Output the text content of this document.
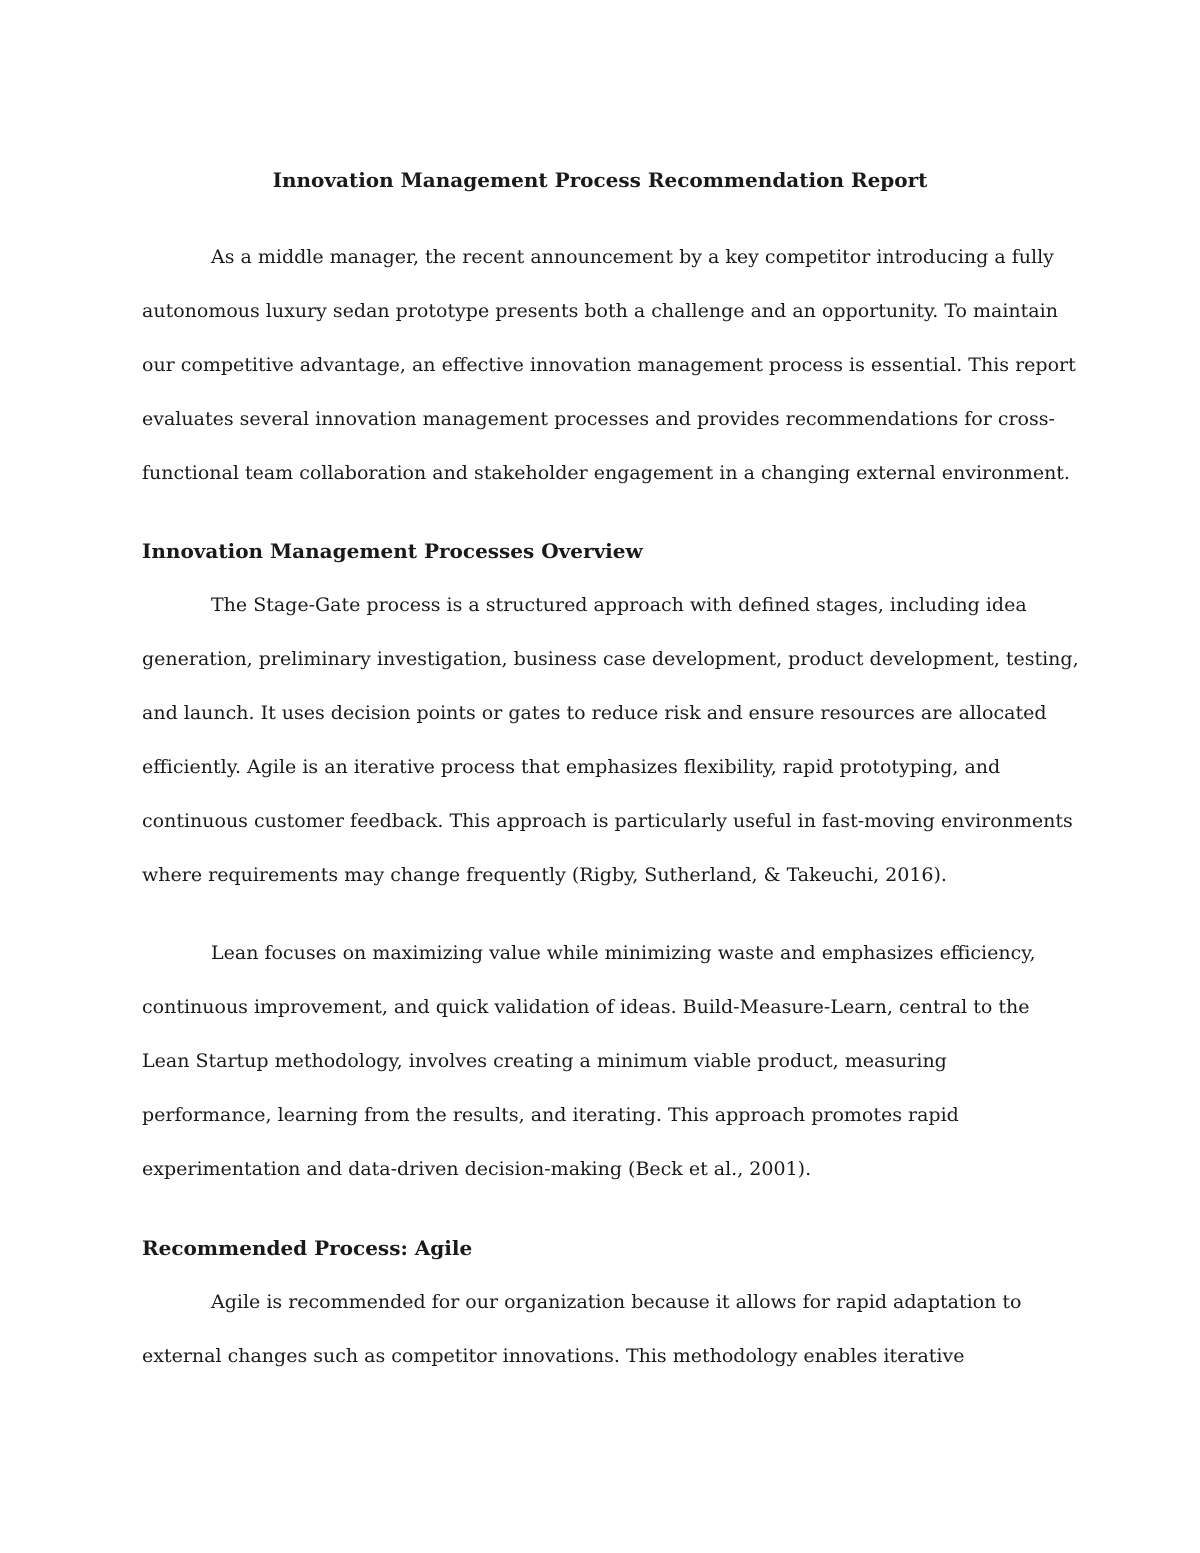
Innovation Management Process Recommendation Report
As a middle manager, the recent announcement by a key competitor introducing a fully
autonomous luxury sedan prototype presents both a challenge and an opportunity. To maintain
our competitive advantage, an effective innovation management process is essential. This report
evaluates several innovation management processes and provides recommendations for cross-
functional team collaboration and stakeholder engagement in a changing external environment.
Innovation Management Processes Overview
The Stage-Gate process is a structured approach with defined stages, including idea
generation, preliminary investigation, business case development, product development, testing,
and launch. It uses decision points or gates to reduce risk and ensure resources are allocated
efficiently. Agile is an iterative process that emphasizes flexibility, rapid prototyping, and
continuous customer feedback. This approach is particularly useful in fast-moving environments
where requirements may change frequently (Rigby, Sutherland, & Takeuchi, 2016).
Lean focuses on maximizing value while minimizing waste and emphasizes efficiency,
continuous improvement, and quick validation of ideas. Build-Measure-Learn, central to the
Lean Startup methodology, involves creating a minimum viable product, measuring
performance, learning from the results, and iterating. This approach promotes rapid
experimentation and data-driven decision-making (Beck et al., 2001).
Recommended Process: Agile
Agile is recommended for our organization because it allows for rapid adaptation to
external changes such as competitor innovations. This methodology enables iterative
